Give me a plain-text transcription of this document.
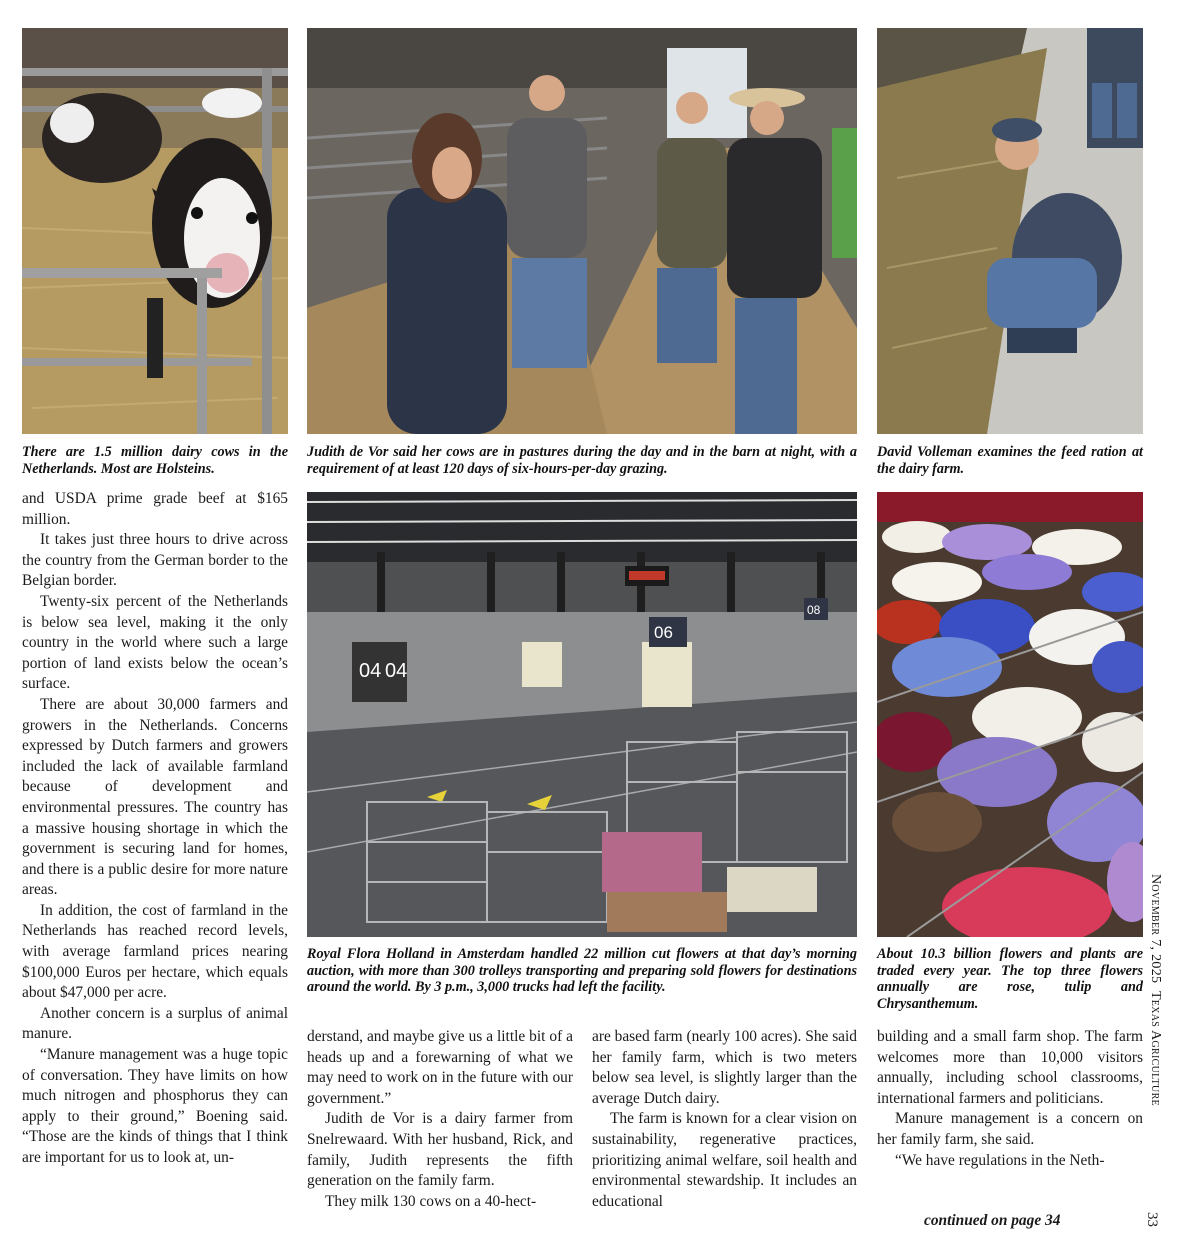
There are 1.5 million dairy cows in the Netherlands. Most are Holsteins.

Judith de Vor said her cows are in pastures during the day and in the barn at night, with a requirement of at least 120 days of six-hours-per-day grazing.

David Volleman examines the feed ration at the dairy farm.

04 04
06
08

Royal Flora Holland in Amsterdam handled 22 million cut flowers at that day’s morning auction, with more than 300 trolleys transporting and preparing sold flowers for destinations around the world. By 3 p.m., 3,000 trucks had left the facility.

About 10.3 billion flowers and plants are traded every year. The top three flowers annually are rose, tulip and Chrysanthemum.

and USDA prime grade beef at $165 million.

It takes just three hours to drive across the country from the German border to the Belgian border.

Twenty-six percent of the Netherlands is below sea level, making it the only country in the world where such a large portion of land exists below the ocean’s surface.

There are about 30,000 farmers and growers in the Netherlands. Concerns expressed by Dutch farmers and growers included the lack of available farmland because of development and environmental pressures. The country has a massive housing shortage in which the government is securing land for homes, and there is a public desire for more nature areas.

In addition, the cost of farmland in the Netherlands has reached record levels, with average farmland prices nearing $100,000 Euros per hectare, which equals about $47,000 per acre.

Another concern is a surplus of animal manure.

“Manure management was a huge topic of conversation. They have limits on how much nitrogen and phosphorus they can apply to their ground,” Boening said. “Those are the kinds of things that I think are important for us to look at, un-

derstand, and maybe give us a little bit of a heads up and a forewarning of what we may need to work on in the future with our government.”

Judith de Vor is a dairy farmer from Snelrewaard. With her husband, Rick, and family, Judith represents the fifth generation on the family farm.

They milk 130 cows on a 40-hect-

are based farm (nearly 100 acres). She said her family farm, which is two meters below sea level, is slightly larger than the average Dutch dairy.

The farm is known for a clear vision on sustainability, regenerative practices, prioritizing animal welfare, soil health and environmental stewardship. It includes an educational

building and a small farm shop. The farm welcomes more than 10,000 visitors annually, including school classrooms, international farmers and politicians.

Manure management is a concern on her family farm, she said.

“We have regulations in the Neth-

continued on page 34
November 7, 2025  Texas Agriculture
33
